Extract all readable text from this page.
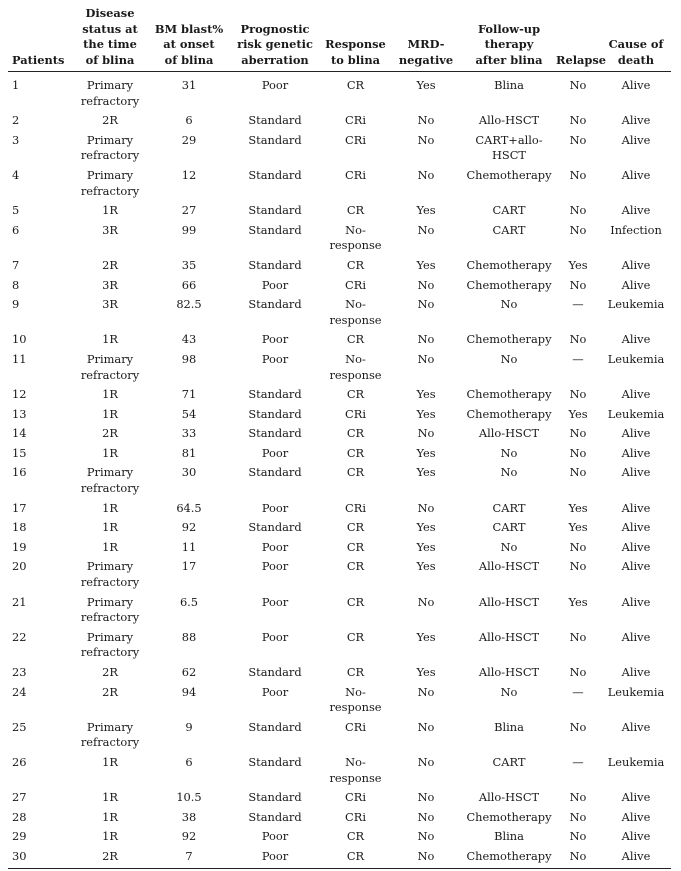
Patients	Disease
status at
the time
of blina	BM blast%
at onset
of blina	Prognostic
risk genetic
aberration	Response
to blina	MRD-
negative	Follow-up
therapy
after blina	Relapse	Cause of
death
1	Primary
refractory	31	Poor	CR	Yes	Blina	No	Alive
2	2R	6	Standard	CRi	No	Allo-HSCT	No	Alive
3	Primary
refractory	29	Standard	CRi	No	CART+allo-
HSCT	No	Alive
4	Primary
refractory	12	Standard	CRi	No	Chemotherapy	No	Alive
5	1R	27	Standard	CR	Yes	CART	No	Alive
6	3R	99	Standard	No-
response	No	CART	No	Infection
7	2R	35	Standard	CR	Yes	Chemotherapy	Yes	Alive
8	3R	66	Poor	CRi	No	Chemotherapy	No	Alive
9	3R	82.5	Standard	No-
response	No	No	—	Leukemia
10	1R	43	Poor	CR	No	Chemotherapy	No	Alive
11	Primary
refractory	98	Poor	No-
response	No	No	—	Leukemia
12	1R	71	Standard	CR	Yes	Chemotherapy	No	Alive
13	1R	54	Standard	CRi	Yes	Chemotherapy	Yes	Leukemia
14	2R	33	Standard	CR	No	Allo-HSCT	No	Alive
15	1R	81	Poor	CR	Yes	No	No	Alive
16	Primary
refractory	30	Standard	CR	Yes	No	No	Alive
17	1R	64.5	Poor	CRi	No	CART	Yes	Alive
18	1R	92	Standard	CR	Yes	CART	Yes	Alive
19	1R	11	Poor	CR	Yes	No	No	Alive
20	Primary
refractory	17	Poor	CR	Yes	Allo-HSCT	No	Alive
21	Primary
refractory	6.5	Poor	CR	No	Allo-HSCT	Yes	Alive
22	Primary
refractory	88	Poor	CR	Yes	Allo-HSCT	No	Alive
23	2R	62	Standard	CR	Yes	Allo-HSCT	No	Alive
24	2R	94	Poor	No-
response	No	No	—	Leukemia
25	Primary
refractory	9	Standard	CRi	No	Blina	No	Alive
26	1R	6	Standard	No-
response	No	CART	—	Leukemia
27	1R	10.5	Standard	CRi	No	Allo-HSCT	No	Alive
28	1R	38	Standard	CRi	No	Chemotherapy	No	Alive
29	1R	92	Poor	CR	No	Blina	No	Alive
30	2R	7	Poor	CR	No	Chemotherapy	No	Alive
